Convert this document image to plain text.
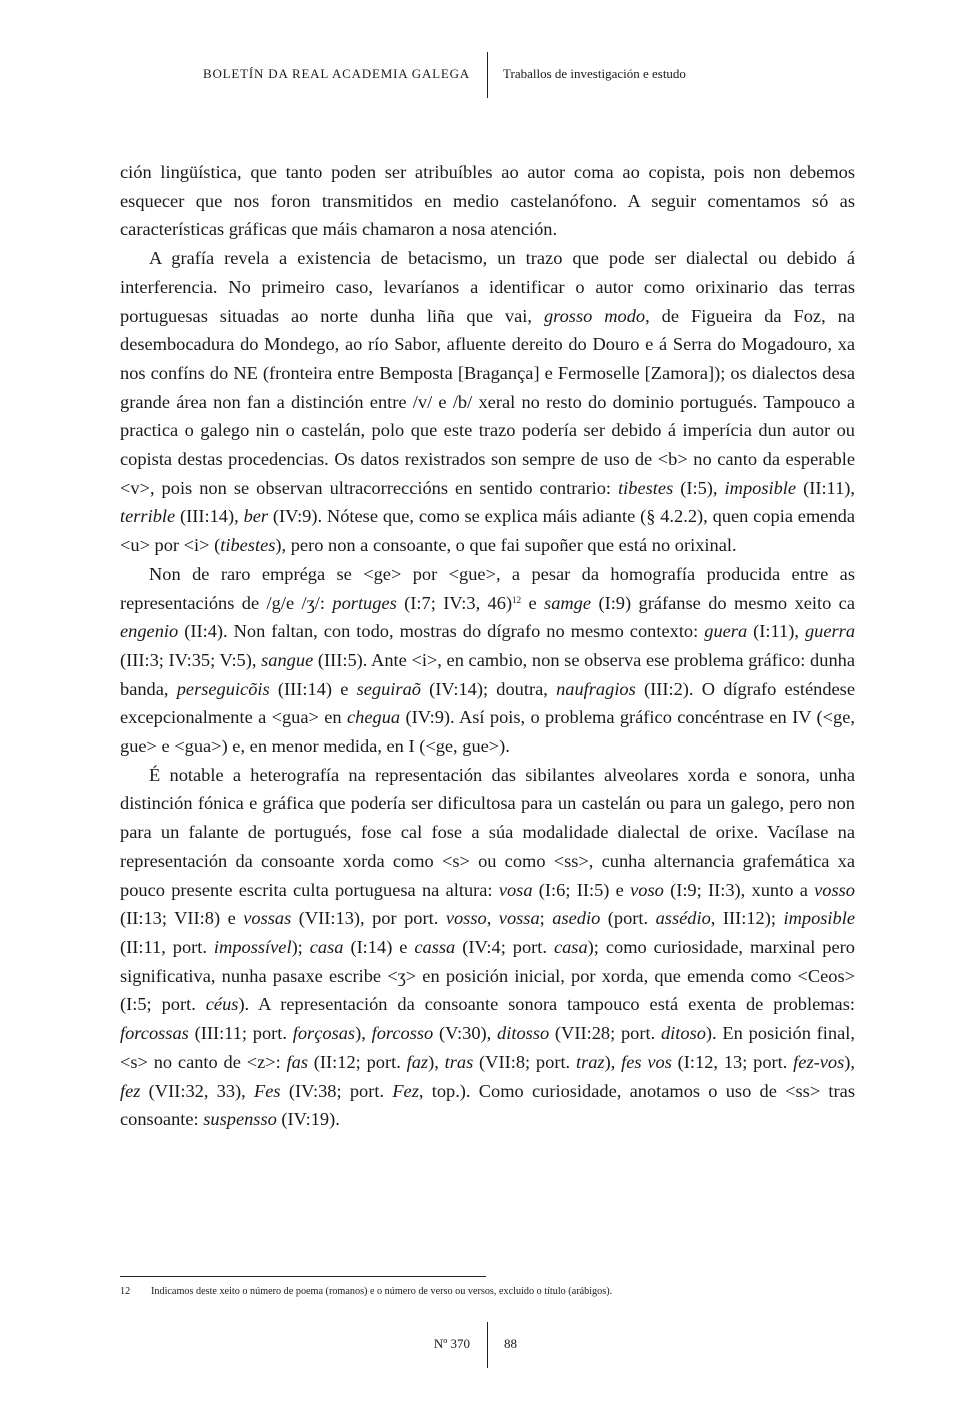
BOLETÍN DA REAL ACADEMIA GALEGA	Traballos de investigación e estudo

ción lingüística, que tanto poden ser atribuíbles ao autor coma ao copista, pois non debemos esquecer que nos foron transmitidos en medio castelanófono. A seguir comentamos só as características gráficas que máis chamaron a nosa atención.

A grafía revela a existencia de betacismo, un trazo que pode ser dialectal ou debido á interferencia. No primeiro caso, levaríanos a identificar o autor como orixinario das terras portuguesas situadas ao norte dunha liña que vai, grosso modo, de Figueira da Foz, na desembocadura do Mondego, ao río Sabor, afluente dereito do Douro e á Serra do Mogadouro, xa nos confíns do NE (fronteira entre Bemposta [Bragança] e Fermoselle [Zamora]); os dialectos desa grande área non fan a distinción entre /v/ e /b/ xeral no resto do dominio portugués. Tampouco a practica o galego nin o castelán, polo que este trazo podería ser debido á imperícia dun autor ou copista destas procedencias. Os datos rexistrados son sempre de uso de <b> no canto da esperable <v>, pois non se observan ultracorreccións en sentido contrario: tibestes (I:5), imposible (II:11), terrible (III:14), ber (IV:9). Nótese que, como se explica máis adiante (§ 4.2.2), quen copia emenda <u> por <i> (tibestes), pero non a consoante, o que fai supoñer que está no orixinal.

Non de raro empréga se <ge> por <gue>, a pesar da homografía producida entre as representacións de /g/e /ʒ/: portuges (I:7; IV:3, 46)$^{12}$ e samge (I:9) gráfanse do mesmo xeito ca engenio (II:4). Non faltan, con todo, mostras do dígrafo no mesmo contexto: guera (I:11), guerra (III:3; IV:35; V:5), sangue (III:5). Ante <i>, en cambio, non se observa ese problema gráfico: dunha banda, perseguicõis (III:14) e seguiraõ (IV:14); doutra, naufragios (III:2). O dígrafo esténdese excepcionalmente a <gua> en chegua (IV:9). Así pois, o problema gráfico concéntrase en IV (<ge, gue> e <gua>) e, en menor medida, en I (<ge, gue>).

É notable a heterografía na representación das sibilantes alveolares xorda e sonora, unha distinción fónica e gráfica que podería ser dificultosa para un castelán ou para un galego, pero non para un falante de portugués, fose cal fose a súa modalidade dialectal de orixe. Vacílase na representación da consoante xorda como <s> ou como <ss>, cunha alternancia grafemática xa pouco presente escrita culta portuguesa na altura: vosa (I:6; II:5) e voso (I:9; II:3), xunto a vosso (II:13; VII:8) e vossas (VII:13), por port. vosso, vossa; asedio (port. assédio, III:12); imposible (II:11, port. impossível); casa (I:14) e cassa (IV:4; port. casa); como curiosidade, marxinal pero significativa, nunha pasaxe escribe <ʒ> en posición inicial, por xorda, que emenda como <Ceos> (I:5; port. céus). A representación da consoante sonora tampouco está exenta de problemas: forcossas (III:11; port. forçosas), forcosso (V:30), ditosso (VII:28; port. ditoso). En posición final, <s> no canto de <z>: fas (II:12; port. faz), tras (VII:8; port. traz), fes vos (I:12, 13; port. fez-vos), fez (VII:32, 33), Fes (IV:38; port. Fez, top.). Como curiosidade, anotamos o uso de <ss> tras consoante: suspensso (IV:19).

12 Indicamos deste xeito o número de poema (romanos) e o número de verso ou versos, excluído o título (arábigos).
Nº 370	88
